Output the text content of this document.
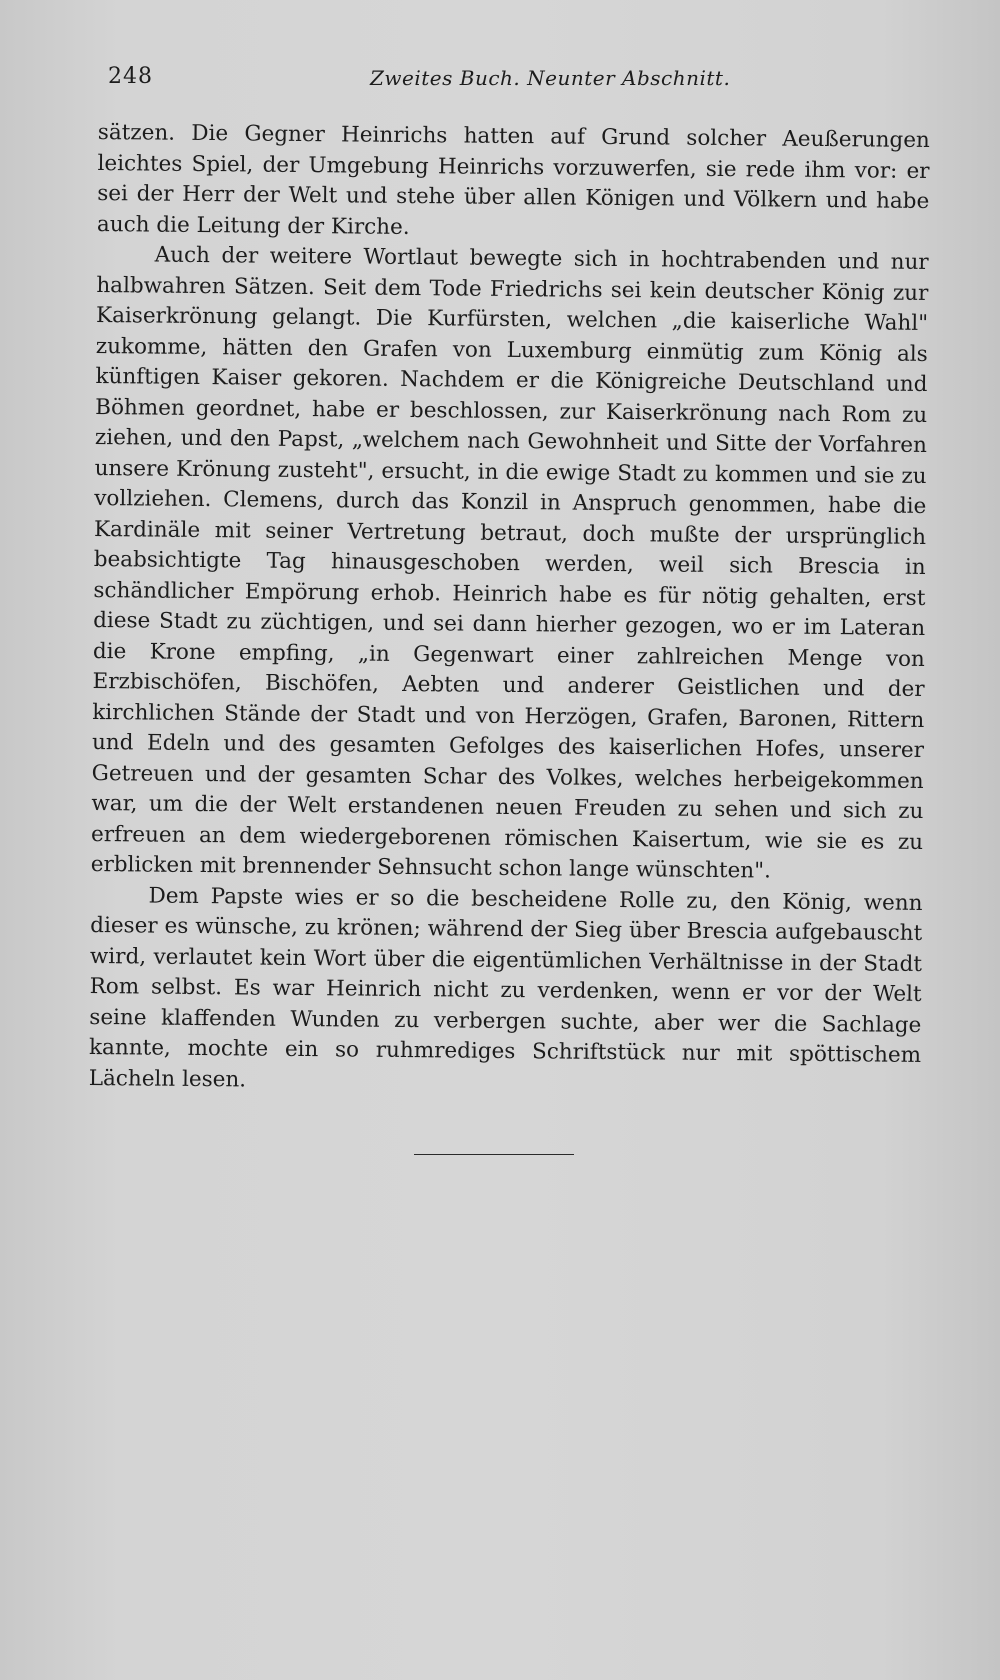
248	Zweites Buch. Neunter Abschnitt.

sätzen. Die Gegner Heinrichs hatten auf Grund solcher Aeußerungen leichtes Spiel, der Umgebung Heinrichs vorzuwerfen, sie rede ihm vor: er sei der Herr der Welt und stehe über allen Königen und Völkern und habe auch die Leitung der Kirche.

Auch der weitere Wortlaut bewegte sich in hochtrabenden und nur halbwahren Sätzen. Seit dem Tode Friedrichs sei kein deutscher König zur Kaiserkrönung gelangt. Die Kurfürsten, welchen „die kaiserliche Wahl" zukomme, hätten den Grafen von Luxemburg einmütig zum König als künftigen Kaiser gekoren. Nachdem er die Königreiche Deutschland und Böhmen geordnet, habe er beschlossen, zur Kaiserkrönung nach Rom zu ziehen, und den Papst, „welchem nach Gewohnheit und Sitte der Vorfahren unsere Krönung zusteht", ersucht, in die ewige Stadt zu kommen und sie zu vollziehen. Clemens, durch das Konzil in Anspruch genommen, habe die Kardinäle mit seiner Vertretung betraut, doch mußte der ursprünglich beabsichtigte Tag hinausgeschoben werden, weil sich Brescia in schändlicher Empörung erhob. Heinrich habe es für nötig gehalten, erst diese Stadt zu züchtigen, und sei dann hierher gezogen, wo er im Lateran die Krone empfing, „in Gegenwart einer zahlreichen Menge von Erzbischöfen, Bischöfen, Aebten und anderer Geistlichen und der kirchlichen Stände der Stadt und von Herzögen, Grafen, Baronen, Rittern und Edeln und des gesamten Gefolges des kaiserlichen Hofes, unserer Getreuen und der gesamten Schar des Volkes, welches herbeigekommen war, um die der Welt erstandenen neuen Freuden zu sehen und sich zu erfreuen an dem wiedergeborenen römischen Kaisertum, wie sie es zu erblicken mit brennender Sehnsucht schon lange wünschten".

Dem Papste wies er so die bescheidene Rolle zu, den König, wenn dieser es wünsche, zu krönen; während der Sieg über Brescia aufgebauscht wird, verlautet kein Wort über die eigentümlichen Verhältnisse in der Stadt Rom selbst. Es war Heinrich nicht zu verdenken, wenn er vor der Welt seine klaffenden Wunden zu verbergen suchte, aber wer die Sachlage kannte, mochte ein so ruhmrediges Schriftstück nur mit spöttischem Lächeln lesen.
